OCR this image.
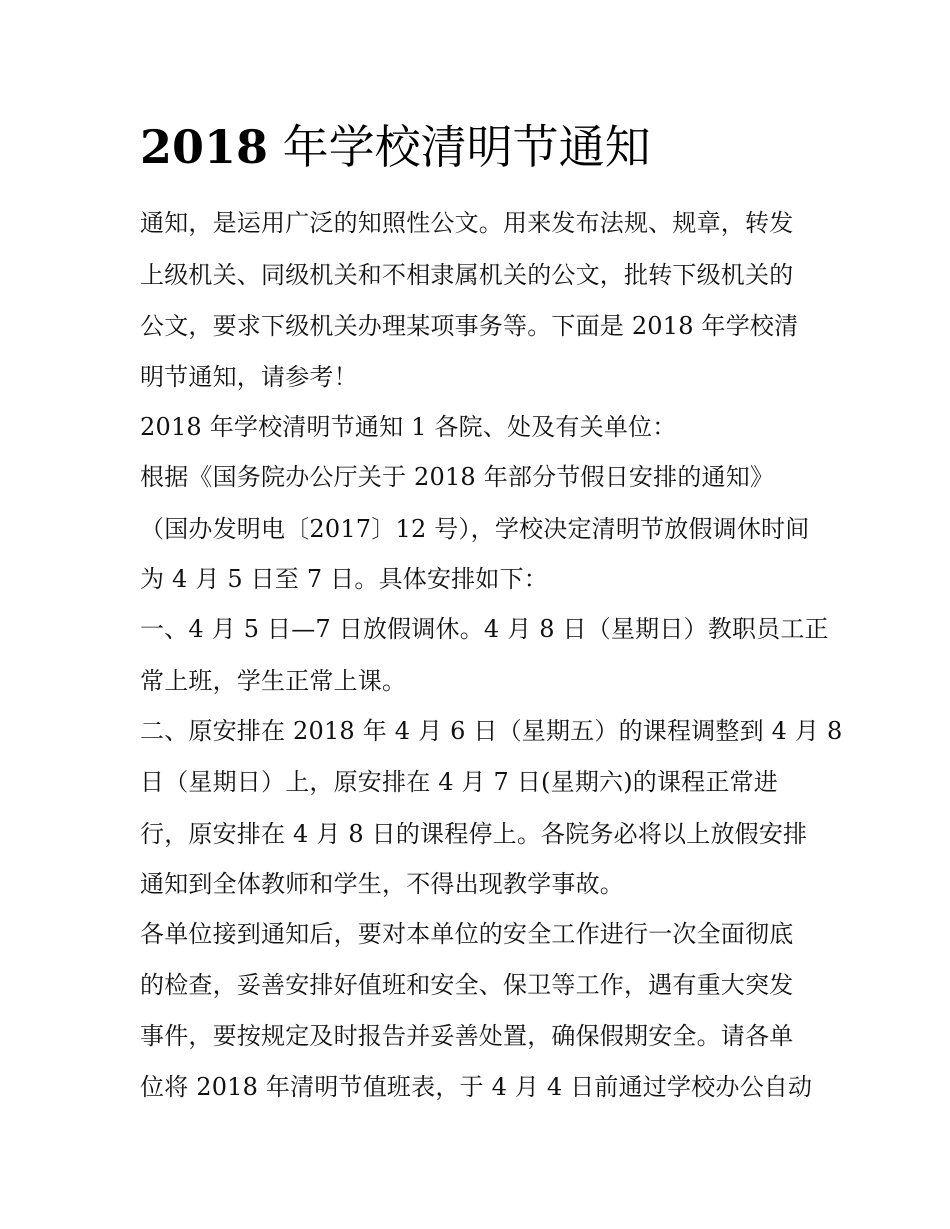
2018 年学校清明节通知

通知，是运用广泛的知照性公文。用来发布法规、规章，转发

上级机关、同级机关和不相隶属机关的公文，批转下级机关的

公文，要求下级机关办理某项事务等。下面是 2018 年学校清

明节通知，请参考！

2018 年学校清明节通知 1 各院、处及有关单位：

根据《国务院办公厅关于 2018 年部分节假日安排的通知》

（国办发明电〔2017〕12 号），学校决定清明节放假调休时间

为 4 月 5 日至 7 日。具体安排如下：

一、4 月 5 日—7 日放假调休。4 月 8 日（星期日）教职员工正

常上班，学生正常上课。

二、原安排在 2018 年 4 月 6 日（星期五）的课程调整到 4 月 8

日（星期日）上，原安排在 4 月 7 日(星期六)的课程正常进

行，原安排在 4 月 8 日的课程停上。各院务必将以上放假安排

通知到全体教师和学生，不得出现教学事故。

各单位接到通知后，要对本单位的安全工作进行一次全面彻底

的检查，妥善安排好值班和安全、保卫等工作，遇有重大突发

事件，要按规定及时报告并妥善处置，确保假期安全。请各单

位将 2018 年清明节值班表，于 4 月 4 日前通过学校办公自动
